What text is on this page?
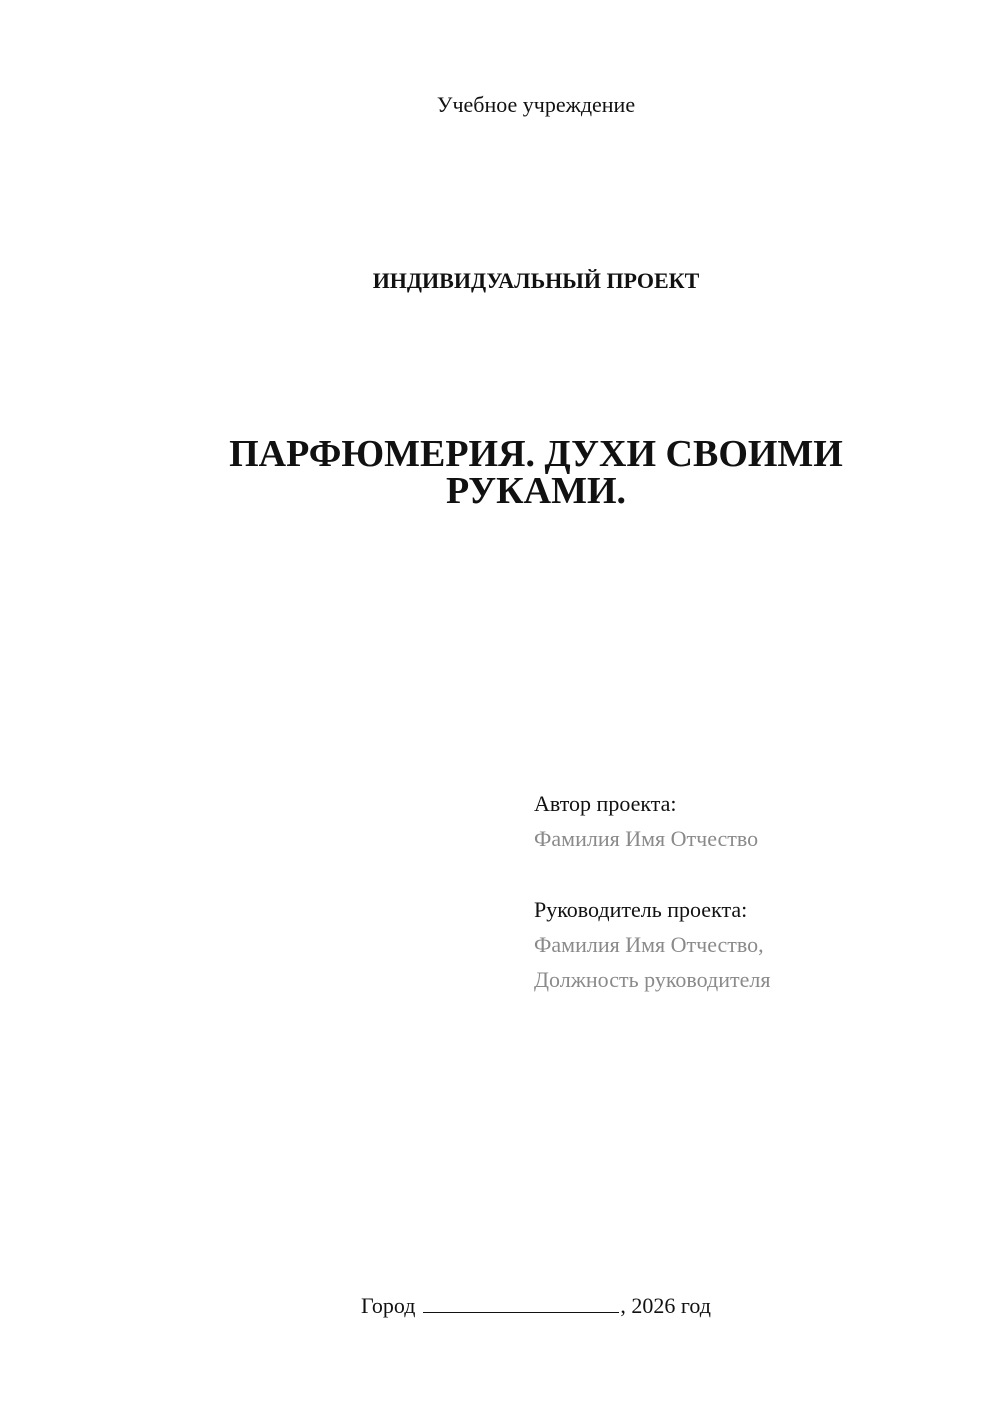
Учебное учреждение
ИНДИВИДУАЛЬНЫЙ ПРОЕКТ
ПАРФЮМЕРИЯ. ДУХИ СВОИМИ
РУКАМИ.
Автор проекта:
Фамилия Имя Отчество
Руководитель проекта:
Фамилия Имя Отчество,
Должность руководителя
Город	, 2026 год
